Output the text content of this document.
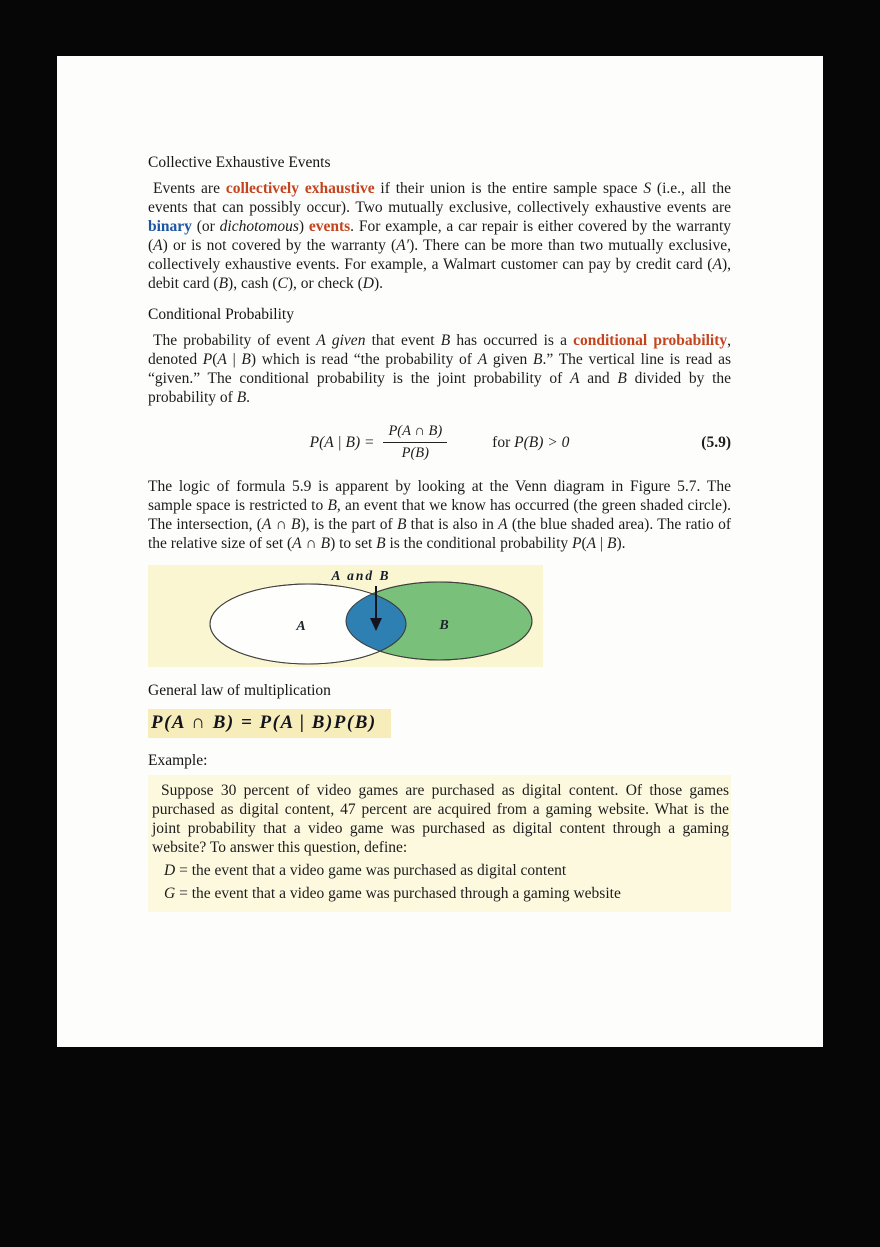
Collective Exhaustive Events

Events are collectively exhaustive if their union is the entire sample space S (i.e., all the events that can possibly occur). Two mutually exclusive, collectively exhaustive events are binary (or dichotomous) events. For example, a car repair is either covered by the warranty (A) or is not covered by the warranty (A′). There can be more than two mutually exclusive, collectively exhaustive events. For example, a Walmart customer can pay by credit card (A), debit card (B), cash (C), or check (D).

Conditional Probability

The probability of event A given that event B has occurred is a conditional probability, denoted P(A | B) which is read “the probability of A given B.” The vertical line is read as “given.” The conditional probability is the joint probability of A and B divided by the probability of B.

P(A | $B) = \frac{P(A \cap B)}{P(B)}$	for P(B) > 0	(5.9)

The logic of formula 5.9 is apparent by looking at the Venn diagram in Figure 5.7. The sample space is restricted to B, an event that we know has occurred (the green shaded circle). The intersection, (A ∩ B), is the part of B that is also in A (the blue shaded area). The ratio of the relative size of set (A ∩ B) to set B is the conditional probability P(A | B).

A and B
A	B
General law of multiplication
P(A ∩ B) = P(A | B)P(B)
Example:

Suppose 30 percent of video games are purchased as digital content. Of those games purchased as digital content, 47 percent are acquired from a gaming website. What is the joint probability that a video game was purchased as digital content through a gaming website? To answer this question, define:

D = the event that a video game was purchased as digital content

G = the event that a video game was purchased through a gaming website
